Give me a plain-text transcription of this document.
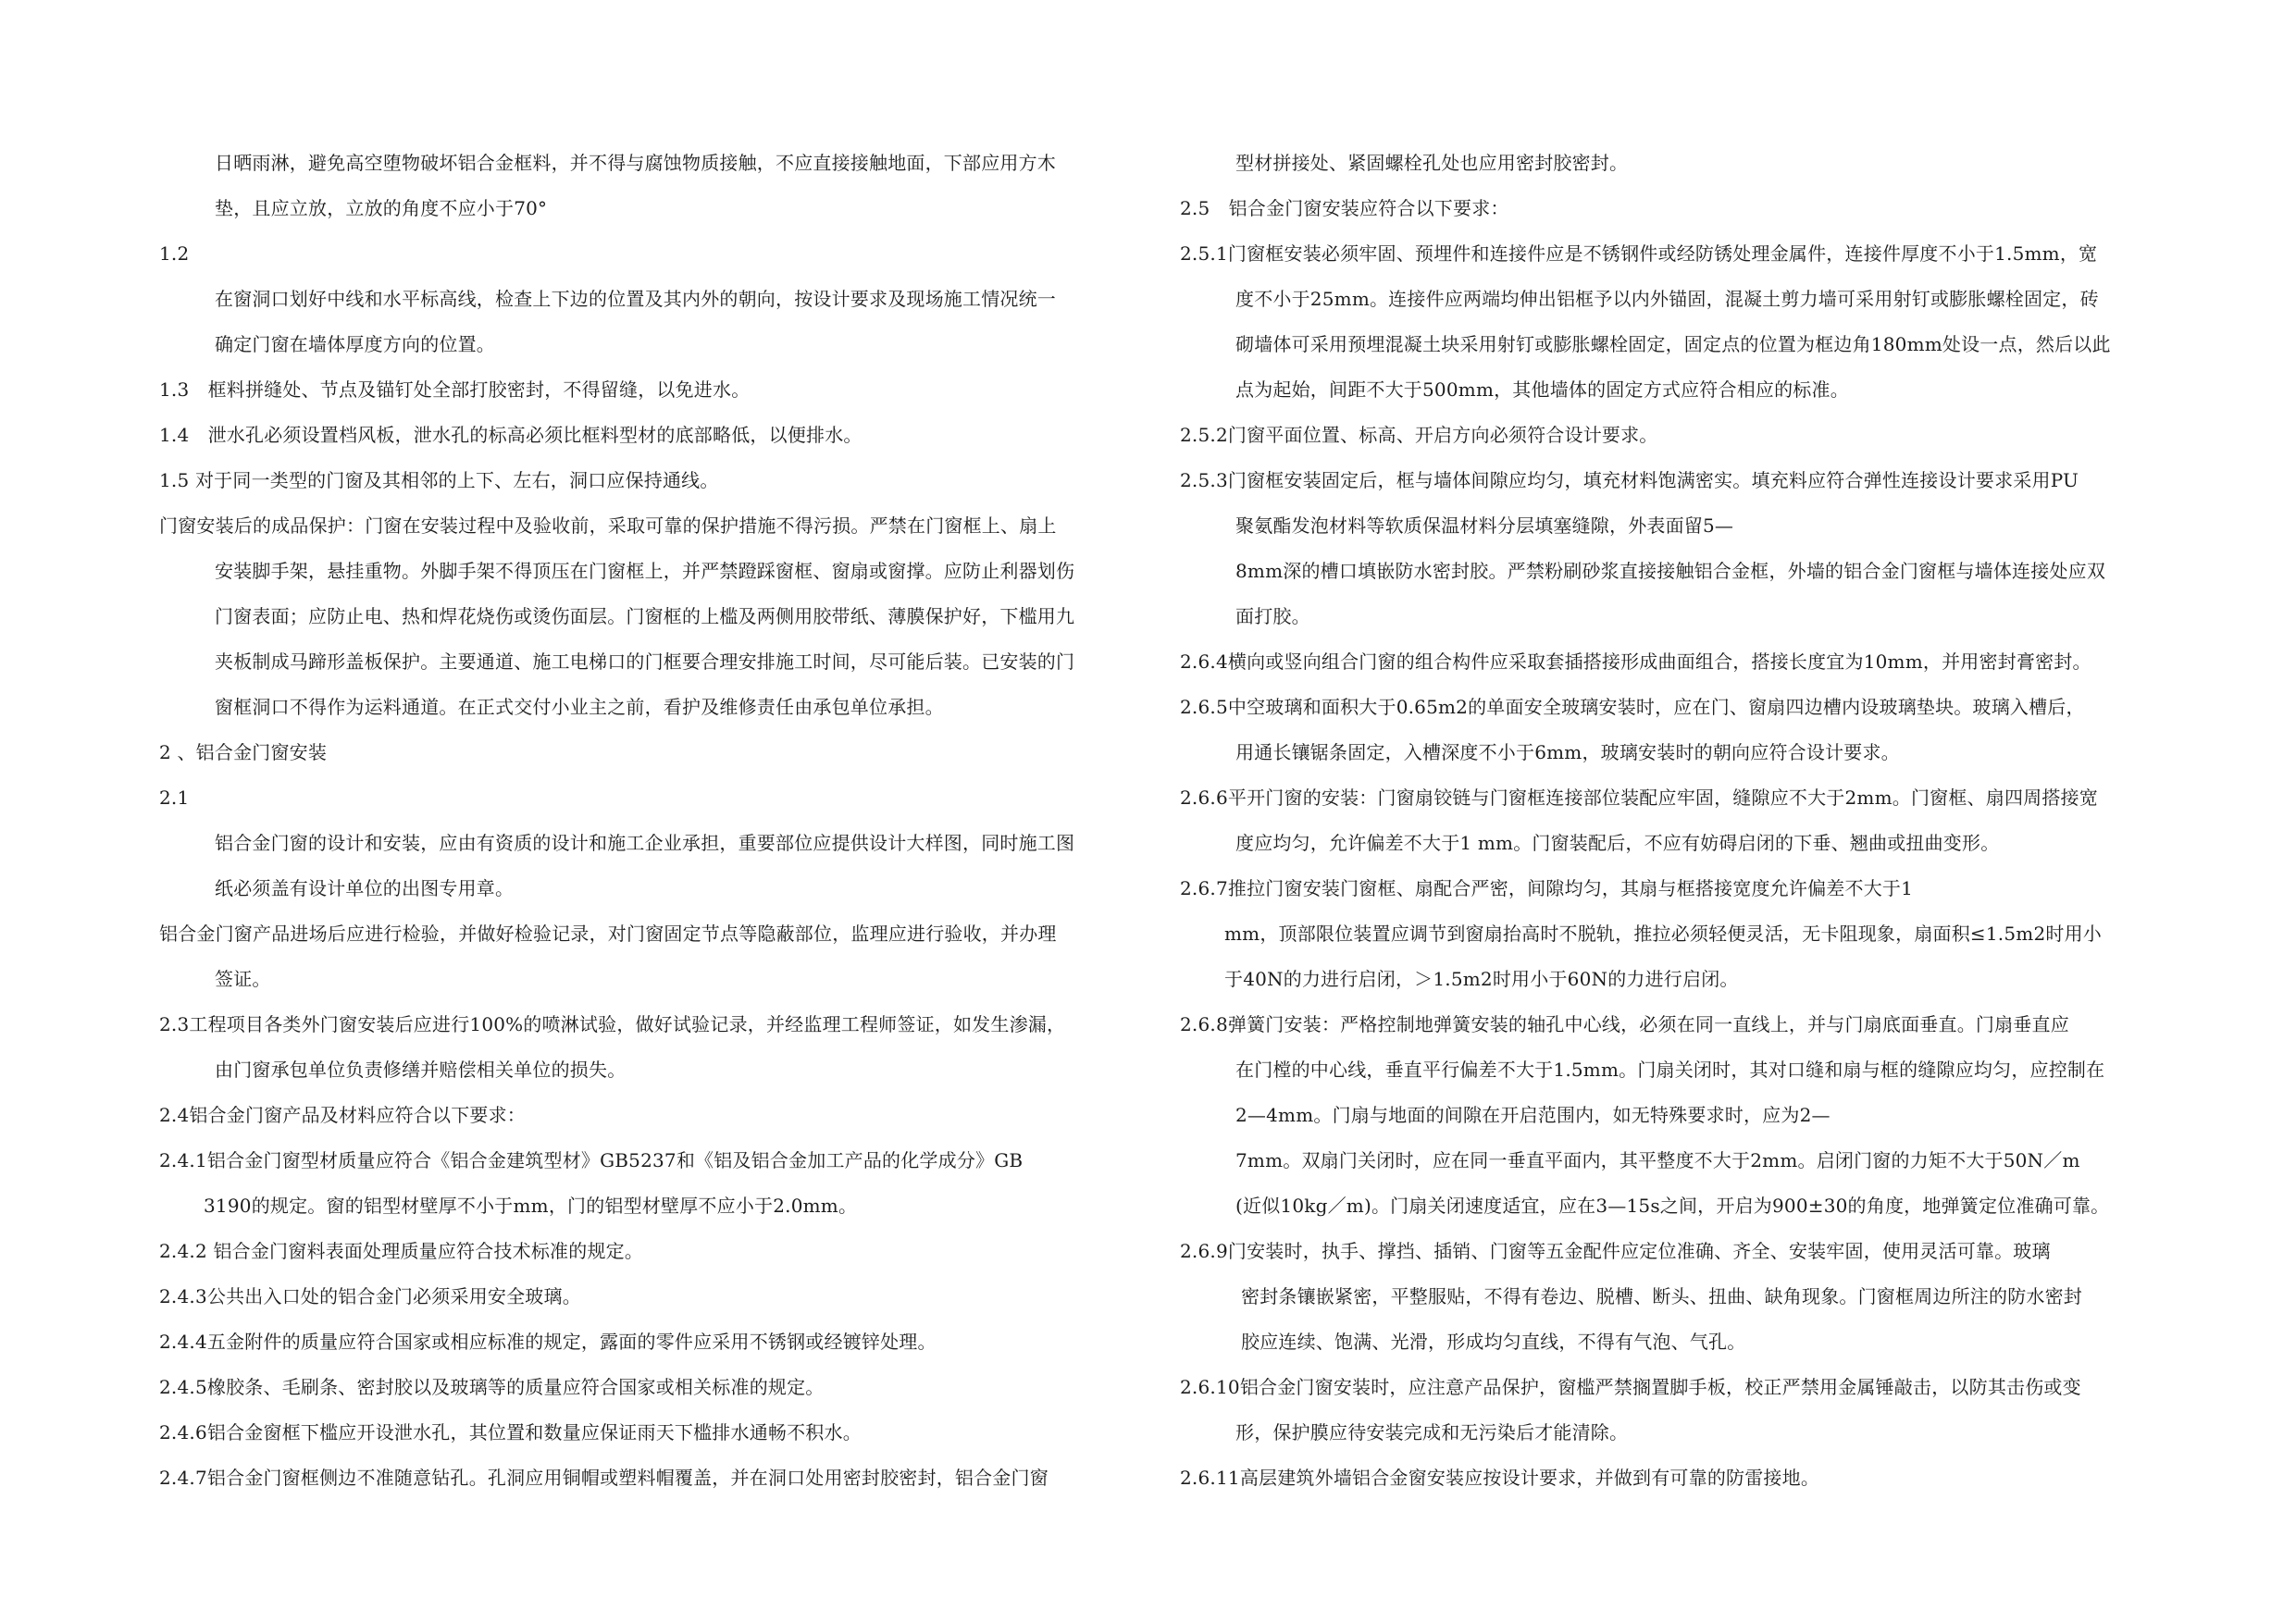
日晒雨淋，避免高空堕物破坏铝合金框料，并不得与腐蚀物质接触，不应直接接触地面，下部应用方木
垫，且应立放，立放的角度不应小于70°
1.2
在窗洞口划好中线和水平标高线，检查上下边的位置及其内外的朝向，按设计要求及现场施工情况统一
确定门窗在墙体厚度方向的位置。
1.3　框料拼缝处、节点及锚钉处全部打胶密封，不得留缝，以免进水。
1.4　泄水孔必须设置档风板，泄水孔的标高必须比框料型材的底部略低，以便排水。
1.5 对于同一类型的门窗及其相邻的上下、左右，洞口应保持通线。
门窗安装后的成品保护：门窗在安装过程中及验收前，采取可靠的保护措施不得污损。严禁在门窗框上、扇上
安装脚手架，悬挂重物。外脚手架不得顶压在门窗框上，并严禁蹬踩窗框、窗扇或窗撑。应防止利器划伤
门窗表面；应防止电、热和焊花烧伤或烫伤面层。门窗框的上槛及两侧用胶带纸、薄膜保护好，下槛用九
夹板制成马蹄形盖板保护。主要通道、施工电梯口的门框要合理安排施工时间，尽可能后装。已安装的门
窗框洞口不得作为运料通道。在正式交付小业主之前，看护及维修责任由承包单位承担。
2 、铝合金门窗安装
2.1
铝合金门窗的设计和安装，应由有资质的设计和施工企业承担，重要部位应提供设计大样图，同时施工图
纸必须盖有设计单位的出图专用章。
铝合金门窗产品进场后应进行检验，并做好检验记录，对门窗固定节点等隐蔽部位，监理应进行验收，并办理
签证。
2.3工程项目各类外门窗安装后应进行100%的喷淋试验，做好试验记录，并经监理工程师签证，如发生渗漏，
由门窗承包单位负责修缮并赔偿相关单位的损失。
2.4铝合金门窗产品及材料应符合以下要求：
2.4.1铝合金门窗型材质量应符合《铝合金建筑型材》GB5237和《铝及铝合金加工产品的化学成分》GB
3190的规定。窗的铝型材壁厚不小于mm，门的铝型材壁厚不应小于2.0mm。
2.4.2 铝合金门窗料表面处理质量应符合技术标准的规定。
2.4.3公共出入口处的铝合金门必须采用安全玻璃。
2.4.4五金附件的质量应符合国家或相应标准的规定，露面的零件应采用不锈钢或经镀锌处理。
2.4.5橡胶条、毛刷条、密封胶以及玻璃等的质量应符合国家或相关标准的规定。
2.4.6铝合金窗框下槛应开设泄水孔，其位置和数量应保证雨天下槛排水通畅不积水。
2.4.7铝合金门窗框侧边不准随意钻孔。孔洞应用铜帽或塑料帽覆盖，并在洞口处用密封胶密封，铝合金门窗
型材拼接处、紧固螺栓孔处也应用密封胶密封。
2.5　铝合金门窗安装应符合以下要求：
2.5.1门窗框安装必须牢固、预埋件和连接件应是不锈钢件或经防锈处理金属件，连接件厚度不小于1.5mm，宽
度不小于25mm。连接件应两端均伸出铝框予以内外锚固，混凝土剪力墙可采用射钉或膨胀螺栓固定，砖
砌墙体可采用预埋混凝土块采用射钉或膨胀螺栓固定，固定点的位置为框边角180mm处设一点，然后以此
点为起始，间距不大于500mm，其他墙体的固定方式应符合相应的标准。
2.5.2门窗平面位置、标高、开启方向必须符合设计要求。
2.5.3门窗框安装固定后，框与墙体间隙应均匀，填充材料饱满密实。填充料应符合弹性连接设计要求采用PU
聚氨酯发泡材料等软质保温材料分层填塞缝隙，外表面留5—
8mm深的槽口填嵌防水密封胶。严禁粉刷砂浆直接接触铝合金框，外墙的铝合金门窗框与墙体连接处应双
面打胶。
2.6.4横向或竖向组合门窗的组合构件应采取套插搭接形成曲面组合，搭接长度宜为10mm，并用密封膏密封。
2.6.5中空玻璃和面积大于0.65m2的单面安全玻璃安装时，应在门、窗扇四边槽内设玻璃垫块。玻璃入槽后，
用通长镶锯条固定，入槽深度不小于6mm，玻璃安装时的朝向应符合设计要求。
2.6.6平开门窗的安装：门窗扇铰链与门窗框连接部位装配应牢固，缝隙应不大于2mm。门窗框、扇四周搭接宽
度应均匀，允许偏差不大于1 mm。门窗装配后，不应有妨碍启闭的下垂、翘曲或扭曲变形。
2.6.7推拉门窗安装门窗框、扇配合严密，间隙均匀，其扇与框搭接宽度允许偏差不大于1
mm，顶部限位装置应调节到窗扇抬高时不脱轨，推拉必须轻便灵活，无卡阻现象，扇面积≤1.5m2时用小
于40N的力进行启闭，＞1.5m2时用小于60N的力进行启闭。
2.6.8弹簧门安装：严格控制地弹簧安装的轴孔中心线，必须在同一直线上，并与门扇底面垂直。门扇垂直应
在门樘的中心线，垂直平行偏差不大于1.5mm。门扇关闭时，其对口缝和扇与框的缝隙应均匀，应控制在
2—4mm。门扇与地面的间隙在开启范围内，如无特殊要求时，应为2—
7mm。双扇门关闭时，应在同一垂直平面内，其平整度不大于2mm。启闭门窗的力矩不大于50N／m
(近似10kg／m)。门扇关闭速度适宜，应在3—15s之间，开启为900±30的角度，地弹簧定位准确可靠。
2.6.9门安装时，执手、撑挡、插销、门窗等五金配件应定位准确、齐全、安装牢固，使用灵活可靠。玻璃
密封条镶嵌紧密，平整服贴，不得有卷边、脱槽、断头、扭曲、缺角现象。门窗框周边所注的防水密封
胶应连续、饱满、光滑，形成均匀直线，不得有气泡、气孔。
2.6.10铝合金门窗安装时，应注意产品保护，窗槛严禁搁置脚手板，校正严禁用金属锤敲击，以防其击伤或变
形，保护膜应待安装完成和无污染后才能清除。
2.6.11高层建筑外墙铝合金窗安装应按设计要求，并做到有可靠的防雷接地。
